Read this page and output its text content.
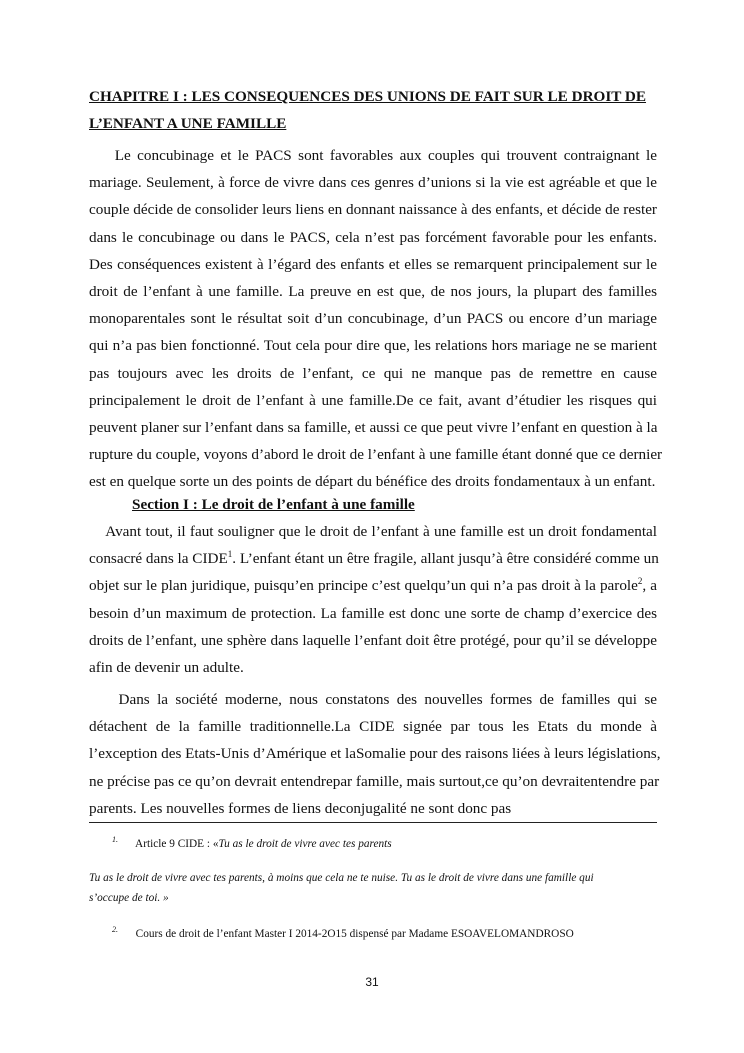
CHAPITRE I : LES CONSEQUENCES DES UNIONS DE FAIT SUR LE DROIT DE
L’ENFANT A UNE FAMILLE
Le concubinage et le PACS sont favorables aux couples qui trouvent contraignant le
mariage. Seulement, à force de vivre dans ces genres d’unions si la vie est agréable et que le
couple décide de consolider leurs liens en donnant naissance à des enfants, et décide de rester
dans le concubinage ou dans le PACS, cela n’est pas forcément favorable pour les enfants.
Des conséquences existent à l’égard des enfants et elles se remarquent principalement sur le
droit de l’enfant à une famille. La preuve en est que, de nos jours, la plupart des familles
monoparentales sont le résultat soit d’un concubinage, d’un PACS ou encore d’un mariage
qui n’a pas bien fonctionné. Tout cela pour dire que, les relations hors mariage ne se marient
pas toujours avec les droits de l’enfant, ce qui ne manque pas de remettre en cause
principalement le droit de l’enfant à une famille.De ce fait, avant d’étudier les risques qui
peuvent planer sur l’enfant dans sa famille, et aussi ce que peut vivre l’enfant en question à la
rupture du couple, voyons d’abord le droit de l’enfant à une famille étant donné que ce dernier
est en quelque sorte un des points de départ du bénéfice des droits fondamentaux à un enfant.
Section I : Le droit de l’enfant à une famille
Avant tout, il faut souligner que le droit de l’enfant à une famille est un droit fondamental
consacré dans la CIDE$^1$. L’enfant étant un être fragile, allant jusqu’à être considéré comme un
objet sur le plan juridique, puisqu’en principe c’est quelqu’un qui n’a pas droit à la parole$^2$, a
besoin d’un maximum de protection. La famille est donc une sorte de champ d’exercice des
droits de l’enfant, une sphère dans laquelle l’enfant doit être protégé, pour qu’il se développe
afin de devenir un adulte.
Dans la société moderne, nous constatons des nouvelles formes de familles qui se
détachent de la famille traditionnelle.La CIDE signée par tous les Etats du monde à
l’exception des Etats-Unis d’Amérique et laSomalie pour des raisons liées à leurs législations,
ne précise pas ce qu’on devrait entendrepar famille, mais surtout,ce qu’on devraitentendre par
parents. Les nouvelles formes de liens deconjugalité ne sont donc pas

$^{1.}$ Article 9 CIDE : «Tu as le droit de vivre avec tes parents

Tu as le droit de vivre avec tes parents, à moins que cela ne te nuise. Tu as le droit de vivre dans une famille qui
s’occupe de toi. »

$^{2.}$ Cours de droit de l’enfant Master I 2014-2O15 dispensé par Madame ESOAVELOMANDROSO

31
